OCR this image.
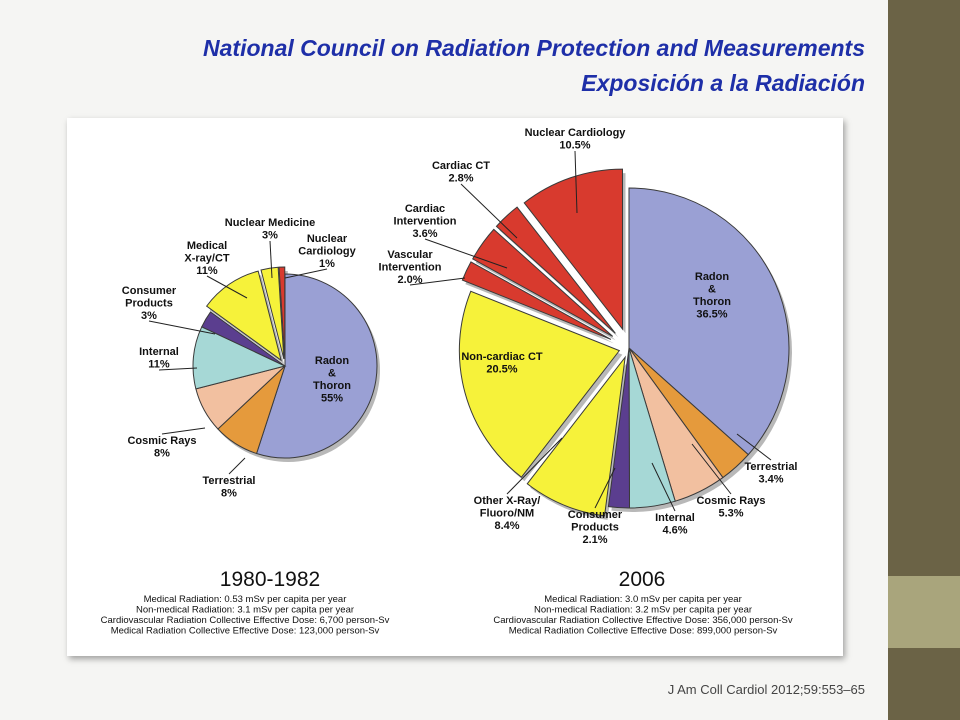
National Council on Radiation Protection and Measurements
Exposición a la Radiación
Radon & Thoron 55%
Terrestrial 8%
Cosmic Rays 8%
Internal 11%
Consumer Products 3%
Medical X-ray/CT 11%
Nuclear Medicine 3%	Nuclear Cardiology 1%
1980-1982
Medical Radiation: 0.53 mSv per capita per year
Non-medical Radiation: 3.1 mSv per capita per year
Cardiovascular Radiation Collective Effective Dose: 6,700 person-Sv
Medical Radiation Collective Effective Dose: 123,000 person-Sv
Radon & Thoron 36.5%
Terrestrial 3.4%
Cosmic Rays 5.3%
Internal 4.6%
Consumer Products 2.1%
Other X-Ray/ Fluoro/NM 8.4%
Non-cardiac CT 20.5%
Vascular Intervention 2.0%
Cardiac Intervention 3.6%
Cardiac CT 2.8%
Nuclear Cardiology 10.5%
2006
Medical Radiation: 3.0 mSv per capita per year
Non-medical Radiation: 3.2 mSv per capita per year
Cardiovascular Radiation Collective Effective Dose: 356,000 person-Sv
Medical Radiation Collective Effective Dose: 899,000 person-Sv
J Am Coll Cardiol 2012;59:553–65
